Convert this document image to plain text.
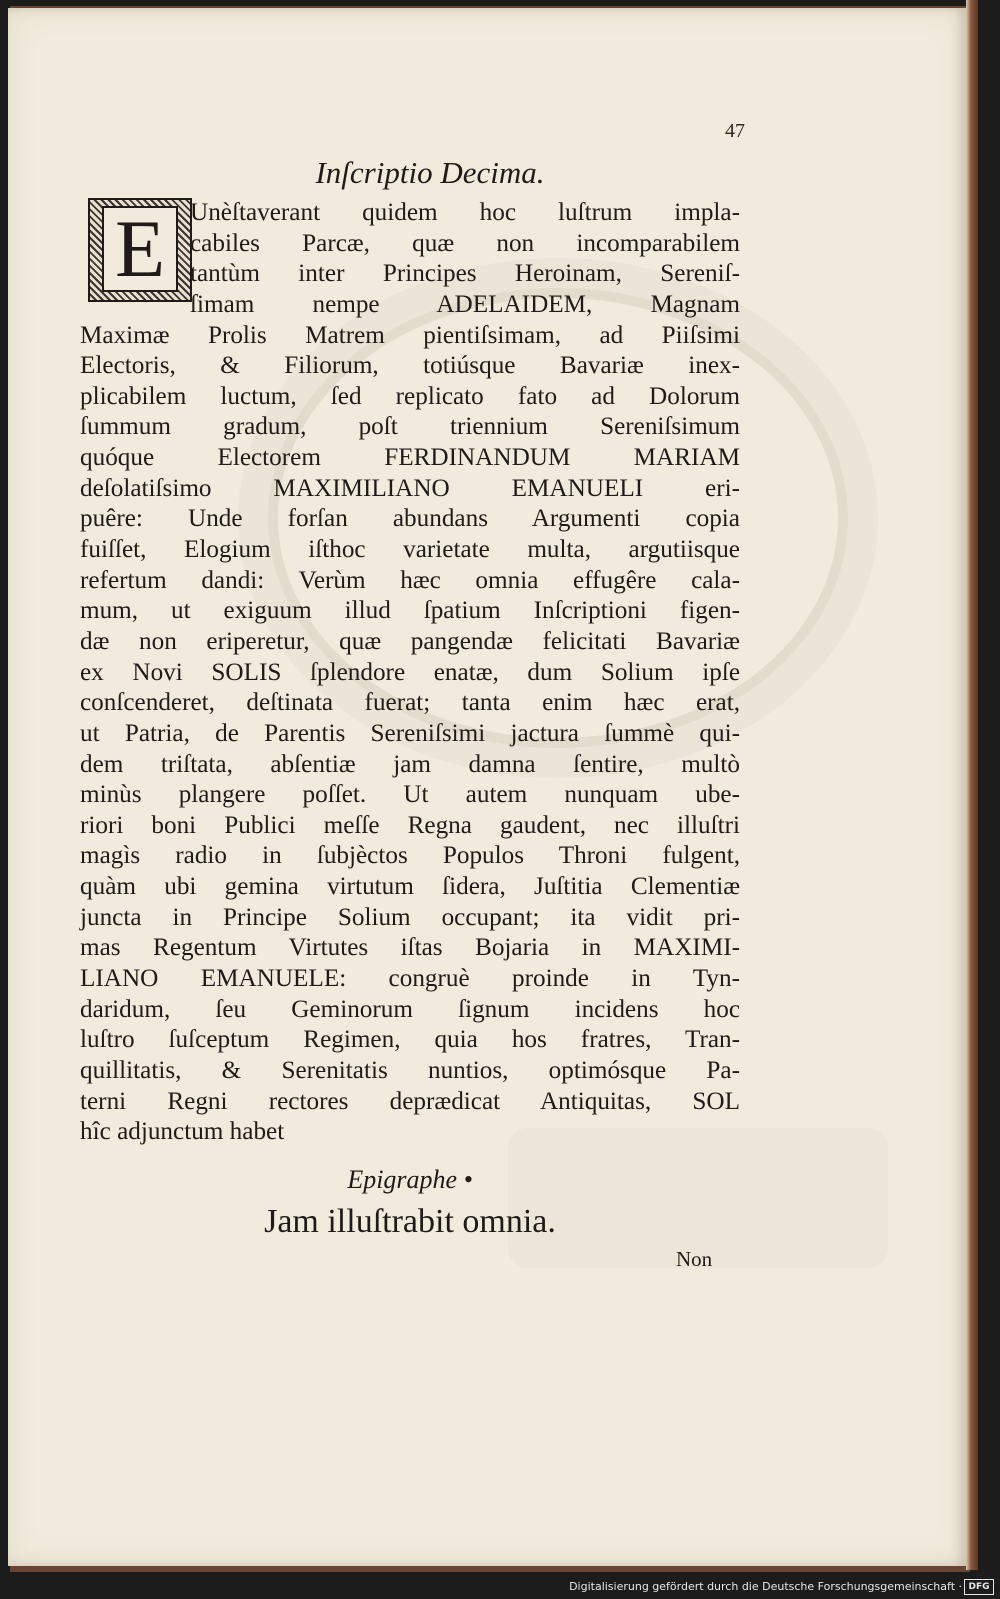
47
Inſcriptio Decima.
E Unèſtaverant quidem hoc luſtrum impla-
cabiles Parcæ, quæ non incomparabilem
tantùm inter Principes Heroinam, Sereniſ-
ſimam nempe ADELAIDEM, Magnam
Maximæ Prolis Matrem pientiſsimam, ad Piiſsimi
Electoris, & Filiorum, totiúsque Bavariæ inex-
plicabilem luctum, ſed replicato fato ad Dolorum
ſummum gradum, poſt triennium Sereniſsimum
quóque Electorem FERDINANDUM MARIAM
deſolatiſsimo MAXIMILIANO EMANUELI eri-
puêre: Unde forſan abundans Argumenti copia
fuiſſet, Elogium iſthoc varietate multa, argutiisque
refertum dandi: Verùm hæc omnia effugêre cala-
mum, ut exiguum illud ſpatium Inſcriptioni figen-
dæ non eriperetur, quæ pangendæ felicitati Bavariæ
ex Novi SOLIS ſplendore enatæ, dum Solium ipſe
conſcenderet, deſtinata fuerat; tanta enim hæc erat,
ut Patria, de Parentis Sereniſsimi jactura ſummè qui-
dem triſtata, abſentiæ jam damna ſentire, multò
minùs plangere poſſet. Ut autem nunquam ube-
riori boni Publici meſſe Regna gaudent, nec illuſtri
magìs radio in ſubjèctos Populos Throni fulgent,
quàm ubi gemina virtutum ſidera, Juſtitia Clementiæ
juncta in Principe Solium occupant; ita vidit pri-
mas Regentum Virtutes iſtas Bojaria in MAXIMI-
LIANO EMANUELE: congruè proinde in Tyn-
daridum, ſeu Geminorum ſignum incidens hoc
luſtro ſuſceptum Regimen, quia hos fratres, Tran-
quillitatis, & Serenitatis nuntios, optimósque Pa-
terni Regni rectores deprædicat Antiquitas, SOL
hîc adjunctum habet
Epigraphe •
Jam illuſtrabit omnia.
Non
Digitalisierung gefördert durch die Deutsche Forschungsgemeinschaft · DFG
